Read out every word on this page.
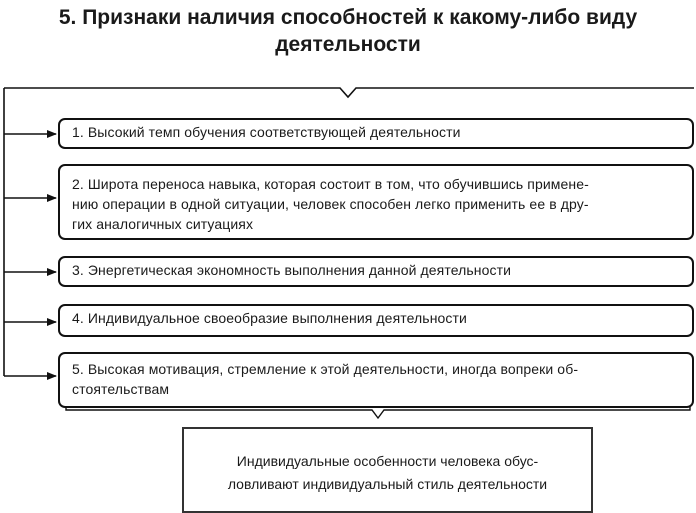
5. Признаки наличия способностей к какому-либо виду
деятельности
1. Высокий темп обучения соответствующей деятельности
2. Широта переноса навыка, которая состоит в том, что обучившись примене-
нию операции в одной ситуации, человек способен легко применить ее в дру-
гих аналогичных ситуациях
3. Энергетическая экономность выполнения данной деятельности
4. Индивидуальное своеобразие выполнения деятельности
5. Высокая мотивация, стремление к этой деятельности, иногда вопреки об-
стоятельствам
Индивидуальные особенности человека обус-
ловливают индивидуальный стиль деятельности
